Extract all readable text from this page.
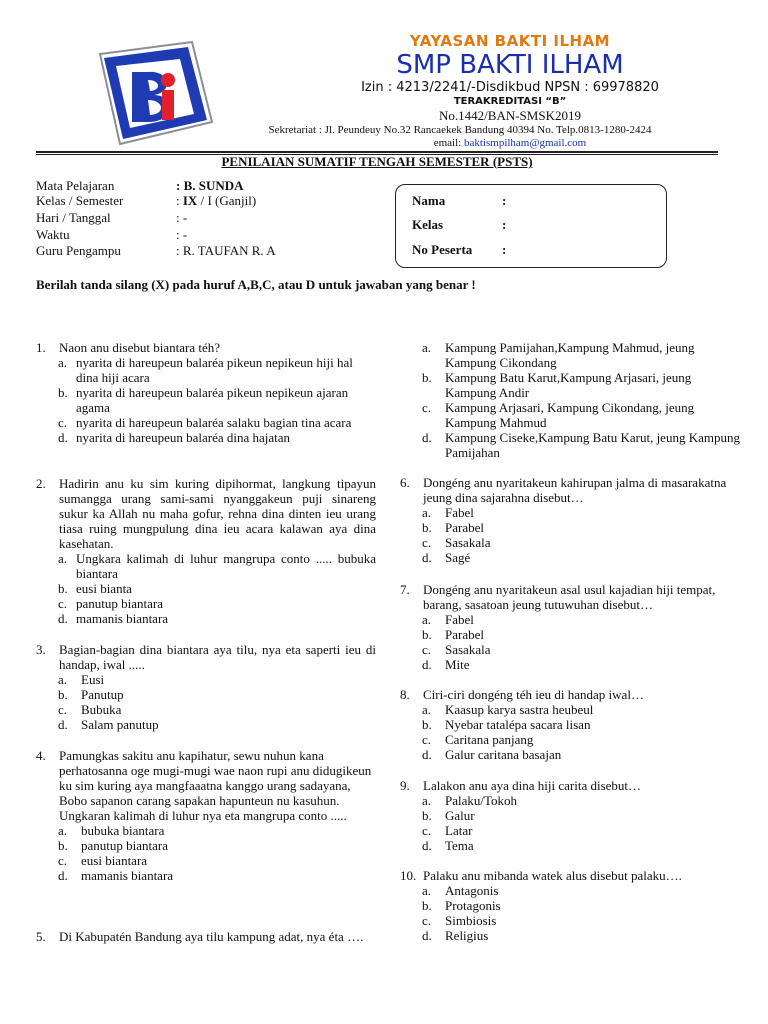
YAYASAN BAKTI ILHAM
SMP BAKTI ILHAM
Izin : 4213/2241/-Disdikbud NPSN : 69978820
TERAKREDITASI “B”
No.1442/BAN-SMSK2019
Sekretariat : Jl. Peundeuy No.32 Rancaekek Bandung 40394 No. Telp.0813-1280-2424
email: baktismpilham@gmail.com
PENILAIAN SUMATIF TENGAH SEMESTER (PSTS)
Mata Pelajaran	: B. SUNDA
Kelas / Semester	: IX / I (Ganjil)
Hari / Tanggal	: -
Waktu	: -
Guru Pengampu	: R. TAUFAN R. A
Nama	:
Kelas	:
No Peserta :
Berilah tanda silang (X) pada huruf A,B,C, atau D untuk jawaban yang benar !
1.	Naon anu disebut biantara téh?
a. nyarita di hareupeun balaréa pikeun nepikeun hiji hal dina hiji acara
b. nyarita di hareupeun balaréa pikeun nepikeun ajaran agama
c. nyarita di hareupeun balaréa salaku bagian tina acara
d. nyarita di hareupeun balaréa dina hajatan
2.	Hadirin anu ku sim kuring dipihormat, langkung tipayun sumangga urang sami-sami nyanggakeun puji sinareng sukur ka Allah nu maha gofur, rehna dina dinten ieu urang tiasa ruing mungpulung dina ieu acara kalawan aya dina kasehatan.
a. Ungkara kalimah di luhur mangrupa conto ..... bubuka biantara
b. eusi bianta
c. panutup biantara
d. mamanis biantara
3.	Bagian-bagian dina biantara aya tilu, nya eta saperti ieu di handap, iwal .....
a.	Eusi
b.	Panutup
c.	Bubuka
d.	Salam panutup
4.	Pamungkas sakitu anu kapihatur, sewu nuhun kana perhatosanna oge mugi-mugi wae naon rupi anu didugikeun ku sim kuring aya mangfaaatna kanggo urang sadayana, Bobo sapanon carang sapakan hapunteun nu kasuhun.
Ungkaran kalimah di luhur nya eta mangrupa conto .....
a.	bubuka biantara
b.	panutup biantara
c.	eusi biantara
d.	mamanis biantara
5.	Di Kabupatén Bandung aya tilu kampung adat, nya éta ….
a.	Kampung Pamijahan,Kampung Mahmud, jeung Kampung Cikondang
b.	Kampung Batu Karut,Kampung Arjasari, jeung Kampung Andir
c.	Kampung Arjasari, Kampung Cikondang, jeung Kampung Mahmud
d.	Kampung Ciseke,Kampung Batu Karut, jeung Kampung Pamijahan
6.	Dongéng anu nyaritakeun kahirupan jalma di masarakatna jeung dina sajarahna disebut…
a.	Fabel
b.	Parabel
c.	Sasakala
d.	Sagé
7.	Dongéng anu nyaritakeun asal usul kajadian hiji tempat, barang, sasatoan jeung tutuwuhan disebut…
a.	Fabel
b.	Parabel
c.	Sasakala
d.	Mite
8.	Ciri-ciri dongéng téh ieu di handap iwal…
a.	Kaasup karya sastra heubeul
b.	Nyebar tatalépa sacara lisan
c.	Caritana panjang
d.	Galur caritana basajan
9.	Lalakon anu aya dina hiji carita disebut…
a.	Palaku/Tokoh
b.	Galur
c.	Latar
d.	Tema
10. Palaku anu mibanda watek alus disebut palaku….
a.	Antagonis
b.	Protagonis
c.	Simbiosis
d.	Religius
